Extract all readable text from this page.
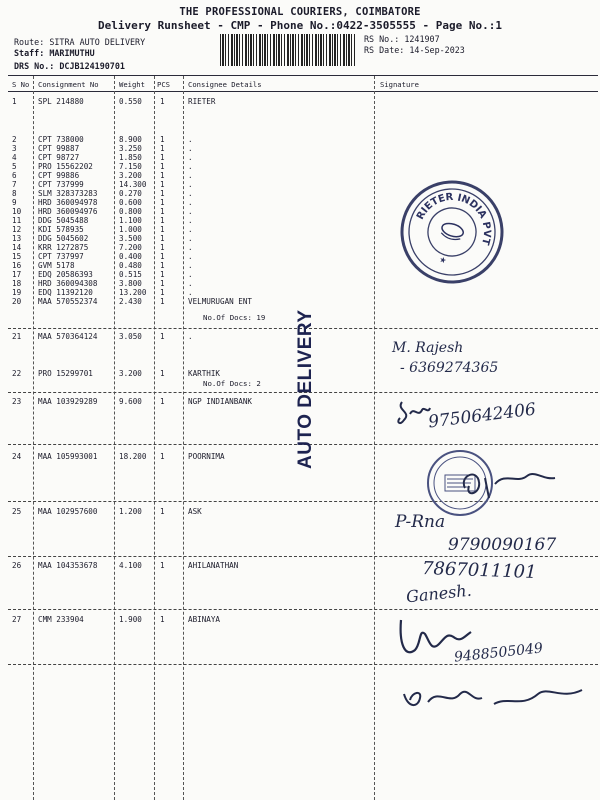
THE PROFESSIONAL COURIERS, COIMBATORE
Delivery Runsheet - CMP - Phone No.:0422-3505555 - Page No.:1
Route: SITRA AUTO DELIVERY
Staff: MARIMUTHU
DRS No.: DCJB124190701
RS No.: 1241907
RS Date: 14-Sep-2023
S No Consignment No	Weight PCS	Consignee Details	Signature
1	SPL 214880	0.550 1	RIETER
2	CPT 738000	8.900 1	.
3	CPT 99887	3.250 1	.
4	CPT 98727	1.850 1	.
5	PRO 15562202	7.150 1	.
6	CPT 99886	3.200 1	.
7	CPT 737999	14.300 1	.
8	SLM 328373283	0.270 1	.
9	HRD 360094978	0.600 1	.
10 HRD 360094976	0.800 1	.
11 DDG 5045488	1.100 1	.
12 KDI 578935	1.000 1	.
13 DDG 5045602	3.500 1	.
14 KRR 1272875	7.200 1	.
15 CPT 737997	0.400 1	.
16 GVM 5178	0.480 1	.
17 EDQ 20586393	0.515 1	.
18 HRD 360094308	3.800 1	.
19 EDQ 11392120	13.200 1	.
20 MAA 570552374	2.430 1	VELMURUGAN ENT
No.Of Docs: 19
21 MAA 570364124	3.050 1	.
22 PRO 15299701	3.200 1	KARTHIK
No.Of Docs: 2
23 MAA 103929289	9.600 1	NGP INDIANBANK
24 MAA 105993001	18.200 1	POORNIMA
25 MAA 102957600	1.200 1	ASK
26 MAA 104353678	4.100 1	AHILANATHAN
27 CMM 233904	1.900 1	ABINAYA
AUTO DELIVERY
RIETER INDIA PVT.
★
M. Rajesh
- 6369274365
9750642406
P-Rna
9790090167
7867011101
Ganesh.
9488505049
